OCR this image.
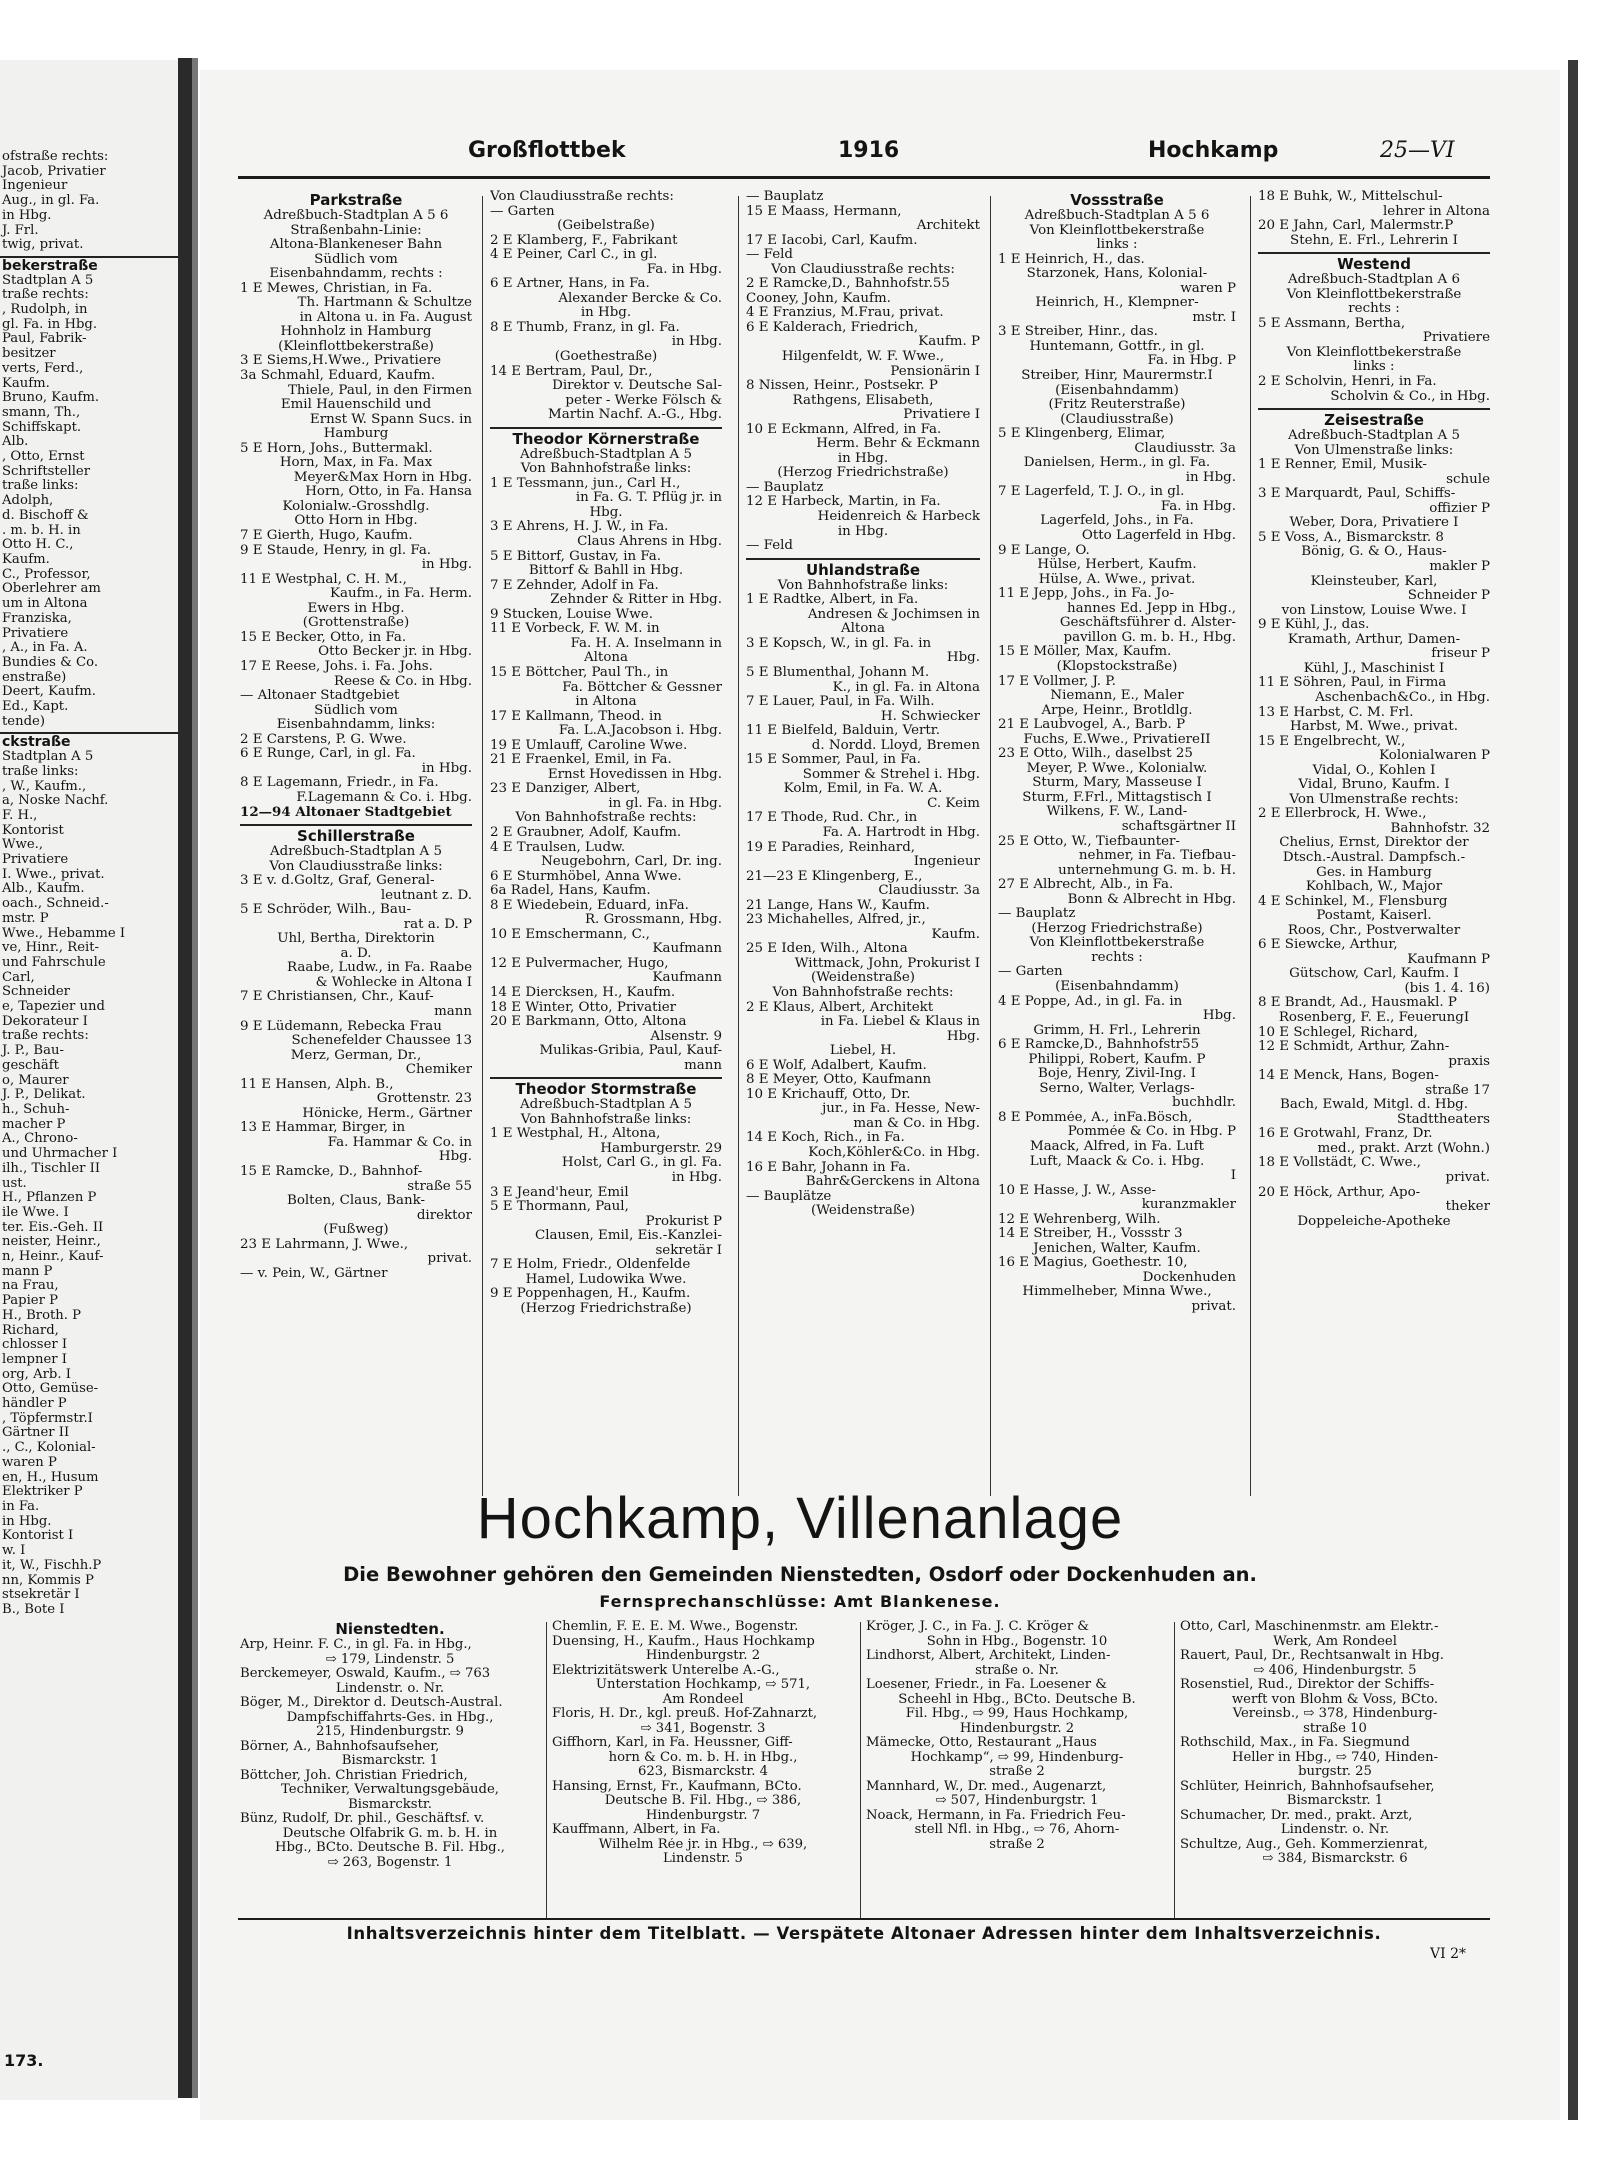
ofstraße rechts:
Jacob, Privatier
Ingenieur
Aug., in gl. Fa.
in Hbg.
J. Frl.
twig, privat.
bekerstraße
Stadtplan A 5
traße rechts:
, Rudolph, in
gl. Fa. in Hbg.
Paul, Fabrik-
besitzer
verts, Ferd.,
Kaufm.
Bruno, Kaufm.
smann, Th.,
Schiffskapt.
Alb.
, Otto, Ernst
Schriftsteller
traße links:
Adolph,
d. Bischoff &
. m. b. H. in
Otto H. C.,
Kaufm.
C., Professor,
Oberlehrer am
um in Altona
Franziska,
Privatiere
, A., in Fa. A.
Bundies & Co.
enstraße)
Deert, Kaufm.
Ed., Kapt.
tende)
ckstraße
Stadtplan A 5
traße links:
, W., Kaufm.,
a, Noske Nachf.
F. H.,
Kontorist
Wwe.,
Privatiere
I. Wwe., privat.
Alb., Kaufm.
oach., Schneid.-
mstr. P
Wwe., Hebamme I
ve, Hinr., Reit-
und Fahrschule
Carl,
Schneider
e, Tapezier und
Dekorateur I
traße rechts:
J. P., Bau-
geschäft
o, Maurer
J. P., Delikat.
h., Schuh-
macher P
A., Chrono-
und Uhrmacher I
ilh., Tischler II
ust.
H., Pflanzen P
ile Wwe. I
ter. Eis.-Geh. II
neister, Heinr.,
n, Heinr., Kauf-
mann P
na Frau,
Papier P
H., Broth. P
Richard,
chlosser I
lempner I
org, Arb. I
Otto, Gemüse-
händler P
, Töpfermstr.I
Gärtner II
., C., Kolonial-
waren P
en, H., Husum
Elektriker P
in Fa.
in Hbg.
Kontorist I
w. I
it, W., Fischh.P
nn, Kommis P
stsekretär I
B., Bote I
173.
Großflottbek	1916	Hochkamp	25—VI
Parkstraße
Adreßbuch-Stadtplan A 5 6
Straßenbahn-Linie:
Altona-Blankeneser Bahn
Südlich vom
Eisenbahndamm, rechts :
1 E Mewes, Christian, in Fa.
Th. Hartmann & Schultze
in Altona u. in Fa. August
Hohnholz in Hamburg
(Kleinflottbekerstraße)
3 E Siems,H.Wwe., Privatiere
3a Schmahl, Eduard, Kaufm.
Thiele, Paul, in den Firmen
Emil Hauenschild und
Ernst W. Spann Sucs. in
Hamburg
5 E Horn, Johs., Buttermakl.
Horn, Max, in Fa. Max
Meyer&Max Horn in Hbg.
Horn, Otto, in Fa. Hansa
Kolonialw.-Grosshdlg.
Otto Horn in Hbg.
7 E Gierth, Hugo, Kaufm.
9 E Staude, Henry, in gl. Fa.
in Hbg.
11 E Westphal, C. H. M.,
Kaufm., in Fa. Herm.
Ewers in Hbg.
(Grottenstraße)
15 E Becker, Otto, in Fa.
Otto Becker jr. in Hbg.
17 E Reese, Johs. i. Fa. Johs.
Reese & Co. in Hbg.
— Altonaer Stadtgebiet
Südlich vom
Eisenbahndamm, links:
2 E Carstens, P. G. Wwe.
6 E Runge, Carl, in gl. Fa.
in Hbg.
8 E Lagemann, Friedr., in Fa.
F.Lagemann & Co. i. Hbg.
12—94 Altonaer Stadtgebiet
Schillerstraße
Adreßbuch-Stadtplan A 5
Von Claudiusstraße links:
3 E v. d.Goltz, Graf, General-
leutnant z. D.
5 E Schröder, Wilh., Bau-
rat a. D. P
Uhl, Bertha, Direktorin
a. D.
Raabe, Ludw., in Fa. Raabe
& Wohlecke in Altona I
7 E Christiansen, Chr., Kauf-
mann
9 E Lüdemann, Rebecka Frau
Schenefelder Chaussee 13
Merz, German, Dr.,
Chemiker
11 E Hansen, Alph. B.,
Grottenstr. 23
Hönicke, Herm., Gärtner
13 E Hammar, Birger, in
Fa. Hammar & Co. in
Hbg.
15 E Ramcke, D., Bahnhof-
straße 55
Bolten, Claus, Bank-
direktor
(Fußweg)
23 E Lahrmann, J. Wwe.,
privat.
— v. Pein, W., Gärtner
Von Claudiusstraße rechts:
— Garten
(Geibelstraße)
2 E Klamberg, F., Fabrikant
4 E Peiner, Carl C., in gl.
Fa. in Hbg.
6 E Artner, Hans, in Fa.
Alexander Bercke & Co.
in Hbg.
8 E Thumb, Franz, in gl. Fa.
in Hbg.
(Goethestraße)
14 E Bertram, Paul, Dr.,
Direktor v. Deutsche Sal-
peter - Werke Fölsch &
Martin Nachf. A.-G., Hbg.
Theodor Körnerstraße
Adreßbuch-Stadtplan A 5
Von Bahnhofstraße links:
1 E Tessmann, jun., Carl H.,
in Fa. G. T. Pflüg jr. in
Hbg.
3 E Ahrens, H. J. W., in Fa.
Claus Ahrens in Hbg.
5 E Bittorf, Gustav, in Fa.
Bittorf & Bahll in Hbg.
7 E Zehnder, Adolf in Fa.
Zehnder & Ritter in Hbg.
9 Stucken, Louise Wwe.
11 E Vorbeck, F. W. M. in
Fa. H. A. Inselmann in
Altona
15 E Böttcher, Paul Th., in
Fa. Böttcher & Gessner
in Altona
17 E Kallmann, Theod. in
Fa. L.A.Jacobson i. Hbg.
19 E Umlauff, Caroline Wwe.
21 E Fraenkel, Emil, in Fa.
Ernst Hovedissen in Hbg.
23 E Danziger, Albert,
in gl. Fa. in Hbg.
Von Bahnhofstraße rechts:
2 E Graubner, Adolf, Kaufm.
4 E Traulsen, Ludw.
Neugebohrn, Carl, Dr. ing.
6 E Sturmhöbel, Anna Wwe.
6a Radel, Hans, Kaufm.
8 E Wiedebein, Eduard, inFa.
R. Grossmann, Hbg.
10 E Emschermann, C.,
Kaufmann
12 E Pulvermacher, Hugo,
Kaufmann
14 E Diercksen, H., Kaufm.
18 E Winter, Otto, Privatier
20 E Barkmann, Otto, Altona
Alsenstr. 9
Mulikas-Gribia, Paul, Kauf-
mann
Theodor Stormstraße
Adreßbuch-Stadtplan A 5
Von Bahnhofstraße links:
1 E Westphal, H., Altona,
Hamburgerstr. 29
Holst, Carl G., in gl. Fa.
in Hbg.
3 E Jeand'heur, Emil
5 E Thormann, Paul,
Prokurist P
Clausen, Emil, Eis.-Kanzlei-
sekretär I
7 E Holm, Friedr., Oldenfelde
Hamel, Ludowika Wwe.
9 E Poppenhagen, H., Kaufm.
(Herzog Friedrichstraße)
— Bauplatz
15 E Maass, Hermann,
Architekt
17 E Iacobi, Carl, Kaufm.
— Feld
Von Claudiusstraße rechts:
2 E Ramcke,D., Bahnhofstr.55
Cooney, John, Kaufm.
4 E Franzius, M.Frau, privat.
6 E Kalderach, Friedrich,
Kaufm. P
Hilgenfeldt, W. F. Wwe.,
Pensionärin I
8 Nissen, Heinr., Postsekr. P
Rathgens, Elisabeth,
Privatiere I
10 E Eckmann, Alfred, in Fa.
Herm. Behr & Eckmann
in Hbg.
(Herzog Friedrichstraße)
— Bauplatz
12 E Harbeck, Martin, in Fa.
Heidenreich & Harbeck
in Hbg.
— Feld
Uhlandstraße
Von Bahnhofstraße links:
1 E Radtke, Albert, in Fa.
Andresen & Jochimsen in
Altona
3 E Kopsch, W., in gl. Fa. in
Hbg.
5 E Blumenthal, Johann M.
K., in gl. Fa. in Altona
7 E Lauer, Paul, in Fa. Wilh.
H. Schwiecker
11 E Bielfeld, Balduin, Vertr.
d. Nordd. Lloyd, Bremen
15 E Sommer, Paul, in Fa.
Sommer & Strehel i. Hbg.
Kolm, Emil, in Fa. W. A.
C. Keim
17 E Thode, Rud. Chr., in
Fa. A. Hartrodt in Hbg.
19 E Paradies, Reinhard,
Ingenieur
21—23 E Klingenberg, E.,
Claudiusstr. 3a
21 Lange, Hans W., Kaufm.
23 Michahelles, Alfred, jr.,
Kaufm.
25 E Iden, Wilh., Altona
Wittmack, John, Prokurist I
(Weidenstraße)
Von Bahnhofstraße rechts:
2 E Klaus, Albert, Architekt
in Fa. Liebel & Klaus in
Hbg.
Liebel, H.
6 E Wolf, Adalbert, Kaufm.
8 E Meyer, Otto, Kaufmann
10 E Krichauff, Otto, Dr.
jur., in Fa. Hesse, New-
man & Co. in Hbg.
14 E Koch, Rich., in Fa.
Koch,Köhler&Co. in Hbg.
16 E Bahr, Johann in Fa.
Bahr&Gerckens in Altona
— Bauplätze
(Weidenstraße)
Vossstraße
Adreßbuch-Stadtplan A 5 6
Von Kleinflottbekerstraße
links :
1 E Heinrich, H., das.
Starzonek, Hans, Kolonial-
waren P
Heinrich, H., Klempner-
mstr. I
3 E Streiber, Hinr., das.
Huntemann, Gottfr., in gl.
Fa. in Hbg. P
Streiber, Hinr, Maurermstr.I
(Eisenbahndamm)
(Fritz Reuterstraße)
(Claudiusstraße)
5 E Klingenberg, Elimar,
Claudiusstr. 3a
Danielsen, Herm., in gl. Fa.
in Hbg.
7 E Lagerfeld, T. J. O., in gl.
Fa. in Hbg.
Lagerfeld, Johs., in Fa.
Otto Lagerfeld in Hbg.
9 E Lange, O.
Hülse, Herbert, Kaufm.
Hülse, A. Wwe., privat.
11 E Jepp, Johs., in Fa. Jo-
hannes Ed. Jepp in Hbg.,
Geschäftsführer d. Alster-
pavillon G. m. b. H., Hbg.
15 E Möller, Max, Kaufm.
(Klopstockstraße)
17 E Vollmer, J. P.
Niemann, E., Maler
Arpe, Heinr., Brotldlg.
21 E Laubvogel, A., Barb. P
Fuchs, E.Wwe., PrivatiereII
23 E Otto, Wilh., daselbst 25
Meyer, P. Wwe., Kolonialw.
Sturm, Mary, Masseuse I
Sturm, F.Frl., Mittagstisch I
Wilkens, F. W., Land-
schaftsgärtner II
25 E Otto, W., Tiefbaunter-
nehmer, in Fa. Tiefbau-
unternehmung G. m. b. H.
27 E Albrecht, Alb., in Fa.
Bonn & Albrecht in Hbg.
— Bauplatz
(Herzog Friedrichstraße)
Von Kleinflottbekerstraße
rechts :
— Garten
(Eisenbahndamm)
4 E Poppe, Ad., in gl. Fa. in
Hbg.
Grimm, H. Frl., Lehrerin
6 E Ramcke,D., Bahnhofstr55
Philippi, Robert, Kaufm. P
Boje, Henry, Zivil-Ing. I
Serno, Walter, Verlags-
buchhdlr.
8 E Pommée, A., inFa.Bösch,
Pommée & Co. in Hbg. P
Maack, Alfred, in Fa. Luft
Luft, Maack & Co. i. Hbg.
I
10 E Hasse, J. W., Asse-
kuranzmakler
12 E Wehrenberg, Wilh.
14 E Streiber, H., Vossstr 3
Jenichen, Walter, Kaufm.
16 E Magius, Goethestr. 10,
Dockenhuden
Himmelheber, Minna Wwe.,
privat.
18 E Buhk, W., Mittelschul-
lehrer in Altona
20 E Jahn, Carl, Malermstr.P
Stehn, E. Frl., Lehrerin I
Westend
Adreßbuch-Stadtplan A 6
Von Kleinflottbekerstraße
rechts :
5 E Assmann, Bertha,
Privatiere
Von Kleinflottbekerstraße
links :
2 E Scholvin, Henri, in Fa.
Scholvin & Co., in Hbg.
Zeisestraße
Adreßbuch-Stadtplan A 5
Von Ulmenstraße links:
1 E Renner, Emil, Musik-
schule
3 E Marquardt, Paul, Schiffs-
offizier P
Weber, Dora, Privatiere I
5 E Voss, A., Bismarckstr. 8
Bönig, G. & O., Haus-
makler P
Kleinsteuber, Karl,
Schneider P
von Linstow, Louise Wwe. I
9 E Kühl, J., das.
Kramath, Arthur, Damen-
friseur P
Kühl, J., Maschinist I
11 E Söhren, Paul, in Firma
Aschenbach&Co., in Hbg.
13 E Harbst, C. M. Frl.
Harbst, M. Wwe., privat.
15 E Engelbrecht, W.,
Kolonialwaren P
Vidal, O., Kohlen I
Vidal, Bruno, Kaufm. I
Von Ulmenstraße rechts:
2 E Ellerbrock, H. Wwe.,
Bahnhofstr. 32
Chelius, Ernst, Direktor der
Dtsch.-Austral. Dampfsch.-
Ges. in Hamburg
Kohlbach, W., Major
4 E Schinkel, M., Flensburg
Postamt, Kaiserl.
Roos, Chr., Postverwalter
6 E Siewcke, Arthur,
Kaufmann P
Gütschow, Carl, Kaufm. I
(bis 1. 4. 16)
8 E Brandt, Ad., Hausmakl. P
Rosenberg, F. E., FeuerungI
10 E Schlegel, Richard,
12 E Schmidt, Arthur, Zahn-
praxis
14 E Menck, Hans, Bogen-
straße 17
Bach, Ewald, Mitgl. d. Hbg.
Stadttheaters
16 E Grotwahl, Franz, Dr.
med., prakt. Arzt (Wohn.)
18 E Vollstädt, C. Wwe.,
privat.
20 E Höck, Arthur, Apo-
theker
Doppeleiche-Apotheke
Hochkamp, Villenanlage
Die Bewohner gehören den Gemeinden Nienstedten, Osdorf oder Dockenhuden an.
Fernsprechanschlüsse: Amt Blankenese.
Nienstedten.
Arp, Heinr. F. C., in gl. Fa. in Hbg.,
⇨ 179, Lindenstr. 5
Berckemeyer, Oswald, Kaufm., ⇨ 763
Lindenstr. o. Nr.
Böger, M., Direktor d. Deutsch-Austral.
Dampfschiffahrts-Ges. in Hbg.,
215, Hindenburgstr. 9
Börner, A., Bahnhofsaufseher,
Bismarckstr. 1
Böttcher, Joh. Christian Friedrich,
Techniker, Verwaltungsgebäude,
Bismarckstr.
Bünz, Rudolf, Dr. phil., Geschäftsf. v.
Deutsche Ölfabrik G. m. b. H. in
Hbg., BCto. Deutsche B. Fil. Hbg.,
⇨ 263, Bogenstr. 1
Chemlin, F. E. E. M. Wwe., Bogenstr.
Duensing, H., Kaufm., Haus Hochkamp
Hindenburgstr. 2
Elektrizitätswerk Unterelbe A.-G.,
Unterstation Hochkamp, ⇨ 571,
Am Rondeel
Floris, H. Dr., kgl. preuß. Hof-Zahnarzt,
⇨ 341, Bogenstr. 3
Giffhorn, Karl, in Fa. Heussner, Giff-
horn & Co. m. b. H. in Hbg.,
623, Bismarckstr. 4
Hansing, Ernst, Fr., Kaufmann, BCto.
Deutsche B. Fil. Hbg., ⇨ 386,
Hindenburgstr. 7
Kauffmann, Albert, in Fa.
Wilhelm Rée jr. in Hbg., ⇨ 639,
Lindenstr. 5
Kröger, J. C., in Fa. J. C. Kröger &
Sohn in Hbg., Bogenstr. 10
Lindhorst, Albert, Architekt, Linden-
straße o. Nr.
Loesener, Friedr., in Fa. Loesener &
Scheehl in Hbg., BCto. Deutsche B.
Fil. Hbg., ⇨ 99, Haus Hochkamp,
Hindenburgstr. 2
Mämecke, Otto, Restaurant „Haus
Hochkamp“, ⇨ 99, Hindenburg-
straße 2
Mannhard, W., Dr. med., Augenarzt,
⇨ 507, Hindenburgstr. 1
Noack, Hermann, in Fa. Friedrich Feu-
stell Nfl. in Hbg., ⇨ 76, Ahorn-
straße 2
Otto, Carl, Maschinenmstr. am Elektr.-
Werk, Am Rondeel
Rauert, Paul, Dr., Rechtsanwalt in Hbg.
⇨ 406, Hindenburgstr. 5
Rosenstiel, Rud., Direktor der Schiffs-
werft von Blohm & Voss, BCto.
Vereinsb., ⇨ 378, Hindenburg-
straße 10
Rothschild, Max., in Fa. Siegmund
Heller in Hbg., ⇨ 740, Hinden-
burgstr. 25
Schlüter, Heinrich, Bahnhofsaufseher,
Bismarckstr. 1
Schumacher, Dr. med., prakt. Arzt,
Lindenstr. o. Nr.
Schultze, Aug., Geh. Kommerzienrat,
⇨ 384, Bismarckstr. 6
Inhaltsverzeichnis hinter dem Titelblatt. — Verspätete Altonaer Adressen hinter dem Inhaltsverzeichnis.
VI 2*
